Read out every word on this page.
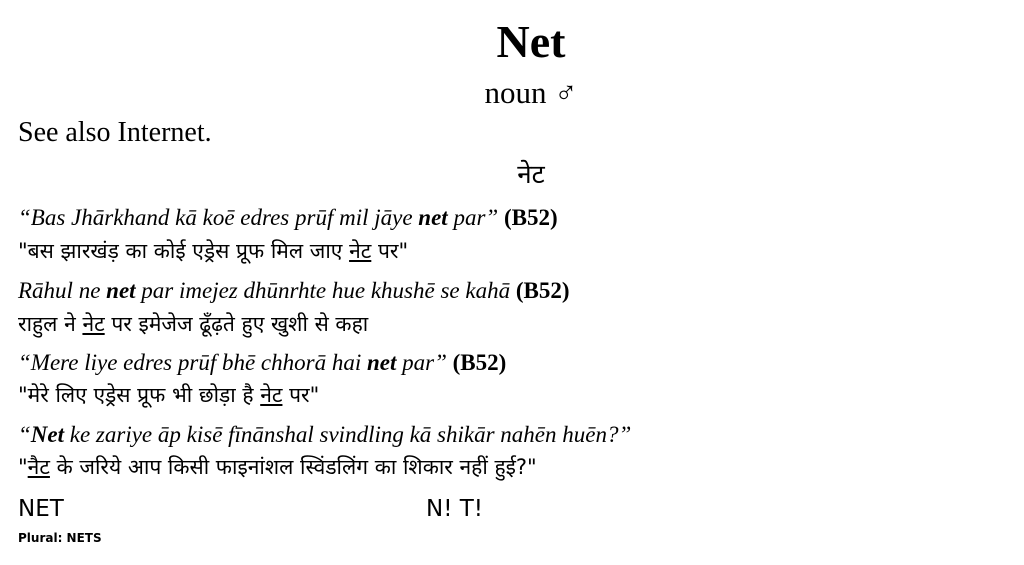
Net
noun ♂
See also Internet.
नेट
“Bas Jhārkhand kā koē edres prūf mil jāye net par” (B52)
"बस झारखंड़ का कोई एड्रेस प्रूफ मिल जाए नेट पर"
Rāhul ne net par imejez dhūnrhte hue khushē se kahā (B52)
राहुल ने नेट पर इमेजेज ढूँढ़ते हुए खुशी से कहा
“Mere liye edres prūf bhē chhorā hai net par” (B52)
"मेरे लिए एड्रेस प्रूफ भी छोड़ा है नेट पर"
“Net ke zariye āp kisē fīnānshal svindling kā shikār nahēn huēn?”
"नैट के जरिये आप किसी फाइनांशल स्विंडलिंग का शिकार नहीं हुई?"
NET	N! T!
Plural: NETS
